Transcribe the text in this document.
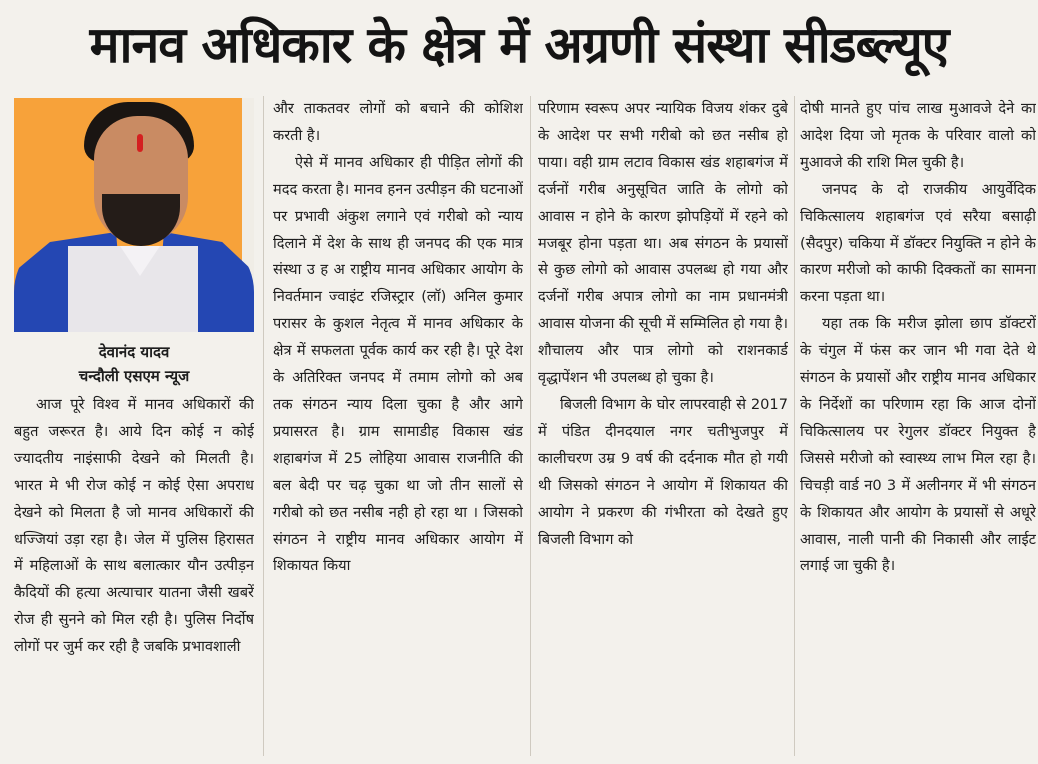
मानव अधिकार के क्षेत्र में अग्रणी संस्था सीडब्ल्यूए
देवानंद यादव
चन्दौली एसएम न्यूज

आज पूरे विश्व में मानव अधिकारों की बहुत जरूरत है। आये दिन कोई न कोई ज्यादतीय नाइंसाफी देखने को मिलती है। भारत मे भी रोज कोई न कोई ऐसा अपराध देखने को मिलता है जो मानव अधिकारों की धज्जियां उड़ा रहा है। जेल में पुलिस हिरासत में महिलाओं के साथ बलात्कार यौन उत्पीड़न कैदियों की हत्या अत्याचार यातना जैसी खबरें रोज ही सुनने को मिल रही है। पुलिस निर्दोष लोगों पर जुर्म कर रही है जबकि प्रभावशाली

और ताकतवर लोगों को बचाने की कोशिश करती है।

ऐसे में मानव अधिकार ही पीड़ित लोगों की मदद करता है। मानव हनन उत्पीड़न की घटनाओं पर प्रभावी अंकुश लगाने एवं गरीबो को न्याय दिलाने में देश के साथ ही जनपद की एक मात्र संस्था उ ह अ राष्ट्रीय मानव अधिकार आयोग के निवर्तमान ज्वाइंट रजिस्ट्रार (लॉ) अनिल कुमार परासर के कुशल नेतृत्व में मानव अधिकार के क्षेत्र में सफलता पूर्वक कार्य कर रही है। पूरे देश के अतिरिक्त जनपद में तमाम लोगो को अब तक संगठन न्याय दिला चुका है और आगे प्रयासरत है। ग्राम सामाडीह विकास खंड शहाबगंज में 25 लोहिया आवास राजनीति की बल बेदी पर चढ़ चुका था जो तीन सालों से गरीबो को छत नसीब नही हो रहा था । जिसको संगठन ने राष्ट्रीय मानव अधिकार आयोग में शिकायत किया

परिणाम स्वरूप अपर न्यायिक विजय शंकर दुबे के आदेश पर सभी गरीबो को छत नसीब हो पाया। वही ग्राम लटाव विकास खंड शहाबगंज में दर्जनों गरीब अनुसूचित जाति के लोगो को आवास न होने के कारण झोपड़ियों में रहने को मजबूर होना पड़ता था। अब संगठन के प्रयासों से कुछ लोगो को आवास उपलब्ध हो गया और दर्जनों गरीब अपात्र लोगो का नाम प्रधानमंत्री आवास योजना की सूची में सम्मिलित हो गया है। शौचालय और पात्र लोगो को राशनकार्ड वृद्धापेंशन भी उपलब्ध हो चुका है।

बिजली विभाग के घोर लापरवाही से 2017 में पंडित दीनदयाल नगर चतीभुजपुर में कालीचरण उम्र 9 वर्ष की दर्दनाक मौत हो गयी थी जिसको संगठन ने आयोग में शिकायत की आयोग ने प्रकरण की गंभीरता को देखते हुए बिजली विभाग को

दोषी मानते हुए पांच लाख मुआवजे देने का आदेश दिया जो मृतक के परिवार वालो को मुआवजे की राशि मिल चुकी है।

जनपद के दो राजकीय आयुर्वेदिक चिकित्सालय शहाबगंज एवं सरैया बसाढ़ी (सैदपुर) चकिया में डॉक्टर नियुक्ति न होने के कारण मरीजो को काफी दिक्कतों का सामना करना पड़ता था।

यहा तक कि मरीज झोला छाप डॉक्टरों के चंगुल में फंस कर जान भी गवा देते थे संगठन के प्रयासों और राष्ट्रीय मानव अधिकार के निर्देशों का परिणाम रहा कि आज दोनों चिकित्सालय पर रेगुलर डॉक्टर नियुक्त है जिससे मरीजो को स्वास्थ्य लाभ मिल रहा है। चिचड़ी वार्ड न0 3 में अलीनगर में भी संगठन के शिकायत और आयोग के प्रयासों से अधूरे आवास, नाली पानी की निकासी और लाईट लगाई जा चुकी है।
